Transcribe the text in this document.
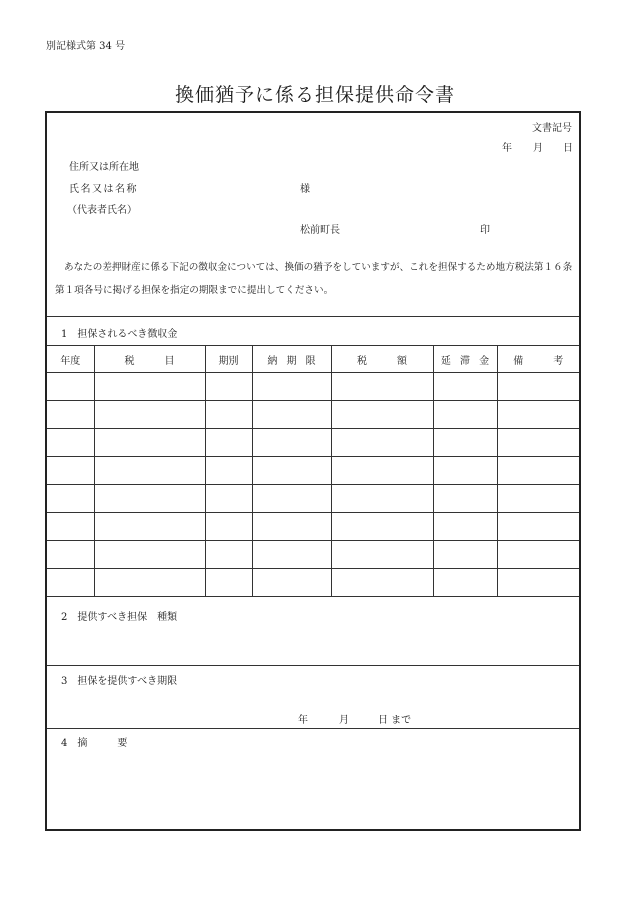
別記様式第 34 号
換価猶予に係る担保提供命令書
文書記号
年 月 日
住所又は所在地
氏名又は名称	様
（代表者氏名）
松前町長	印
あなたの差押財産に係る下記の徴収金については、換価の猶予をしていますが、これを担保するため地方税法第１６条第１項各号に掲げる担保を指定の期限までに提出してください。
1　担保されるべき徴収金
年度	税　　　目	期別	納 期 限	税　　　額	延 滞 金	備　　　考

2　提供すべき担保　種類
3　担保を提供すべき期限
年	月	日 まで
4　摘　　　要
